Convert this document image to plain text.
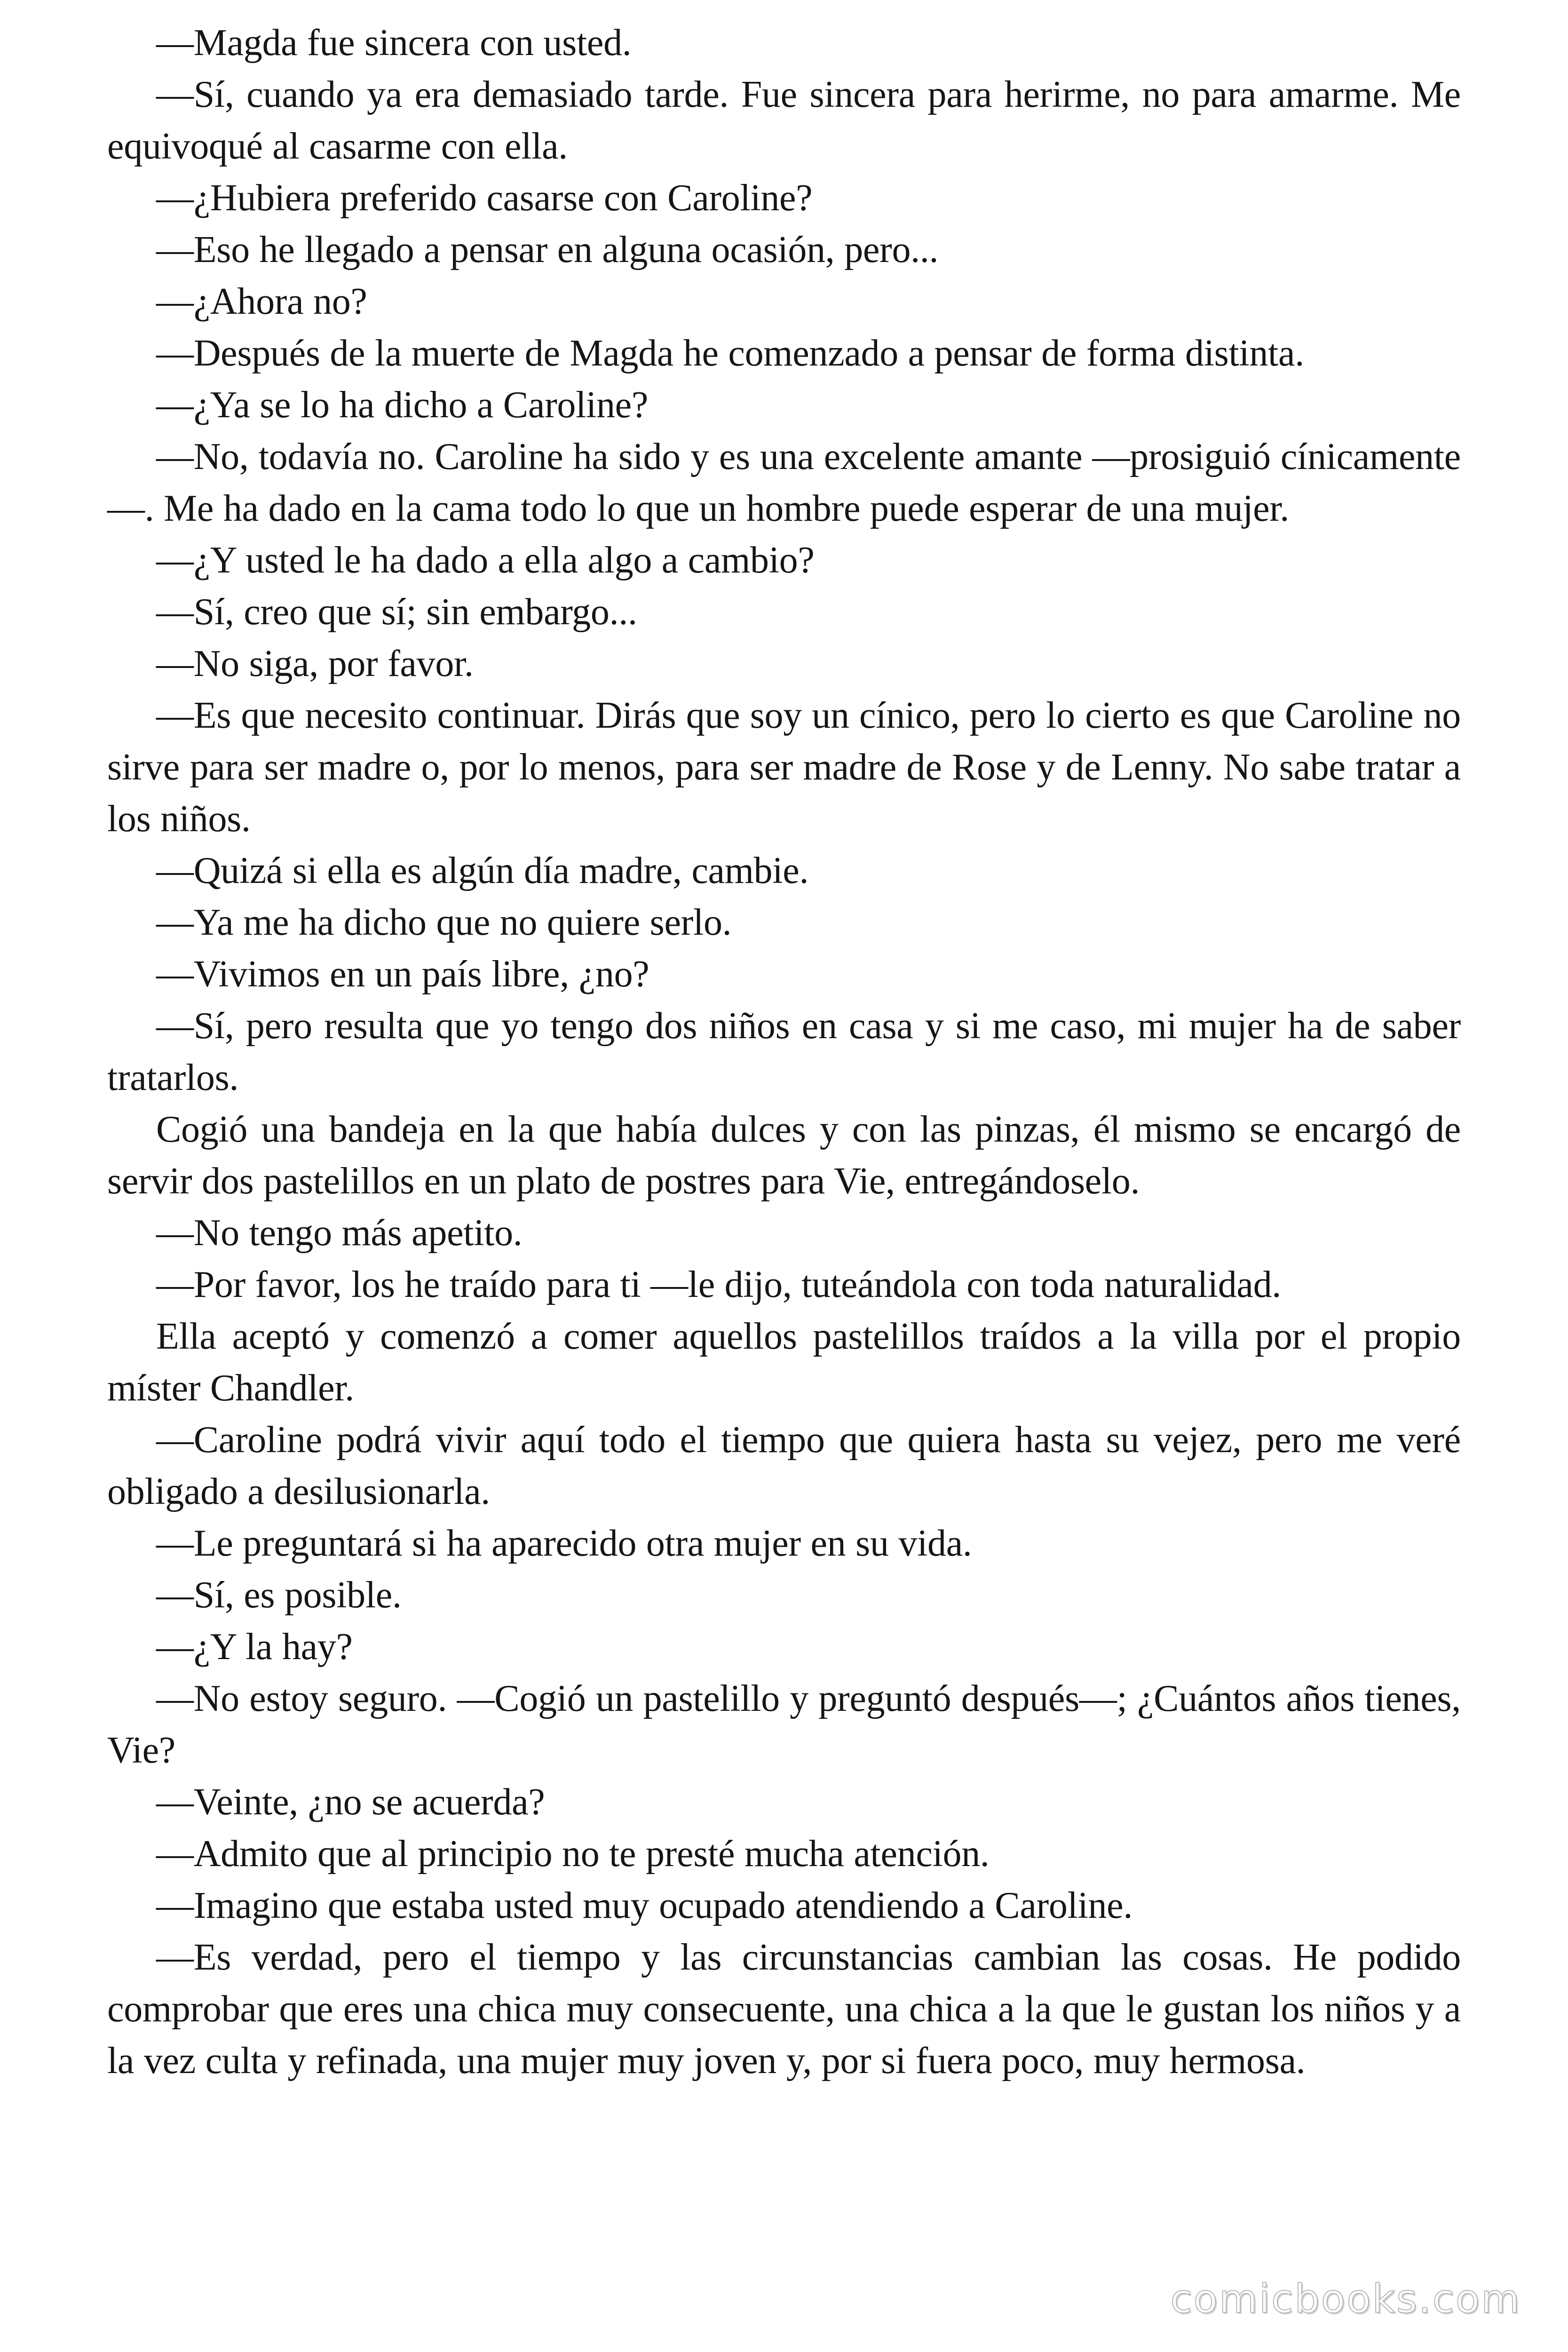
—Magda fue sincera con usted.

—Sí, cuando ya era demasiado tarde. Fue sincera para herirme, no para amarme. Me equivoqué al casarme con ella.

—¿Hubiera preferido casarse con Caroline?

—Eso he llegado a pensar en alguna ocasión, pero...

—¿Ahora no?

—Después de la muerte de Magda he comenzado a pensar de forma distinta.

—¿Ya se lo ha dicho a Caroline?

—No, todavía no. Caroline ha sido y es una excelente amante —prosiguió cínicamente—. Me ha dado en la cama todo lo que un hombre puede esperar de una mujer.

—¿Y usted le ha dado a ella algo a cambio?

—Sí, creo que sí; sin embargo...

—No siga, por favor.

—Es que necesito continuar. Dirás que soy un cínico, pero lo cierto es que Caroline no sirve para ser madre o, por lo menos, para ser madre de Rose y de Lenny. No sabe tratar a los niños.

—Quizá si ella es algún día madre, cambie.

—Ya me ha dicho que no quiere serlo.

—Vivimos en un país libre, ¿no?

—Sí, pero resulta que yo tengo dos niños en casa y si me caso, mi mujer ha de saber tratarlos.

Cogió una bandeja en la que había dulces y con las pinzas, él mismo se encargó de servir dos pastelillos en un plato de postres para Vie, entregándoselo.

—No tengo más apetito.

—Por favor, los he traído para ti —le dijo, tuteándola con toda naturalidad.

Ella aceptó y comenzó a comer aquellos pastelillos traídos a la villa por el propio míster Chandler.

—Caroline podrá vivir aquí todo el tiempo que quiera hasta su vejez, pero me veré obligado a desilusionarla.

—Le preguntará si ha aparecido otra mujer en su vida.

—Sí, es posible.

—¿Y la hay?

—No estoy seguro. —Cogió un pastelillo y preguntó después—; ¿Cuántos años tienes, Vie?

—Veinte, ¿no se acuerda?

—Admito que al principio no te presté mucha atención.

—Imagino que estaba usted muy ocupado atendiendo a Caroline.

—Es verdad, pero el tiempo y las circunstancias cambian las cosas. He podido comprobar que eres una chica muy consecuente, una chica a la que le gustan los niños y a la vez culta y refinada, una mujer muy joven y, por si fuera poco, muy hermosa.

comicbooks.com
